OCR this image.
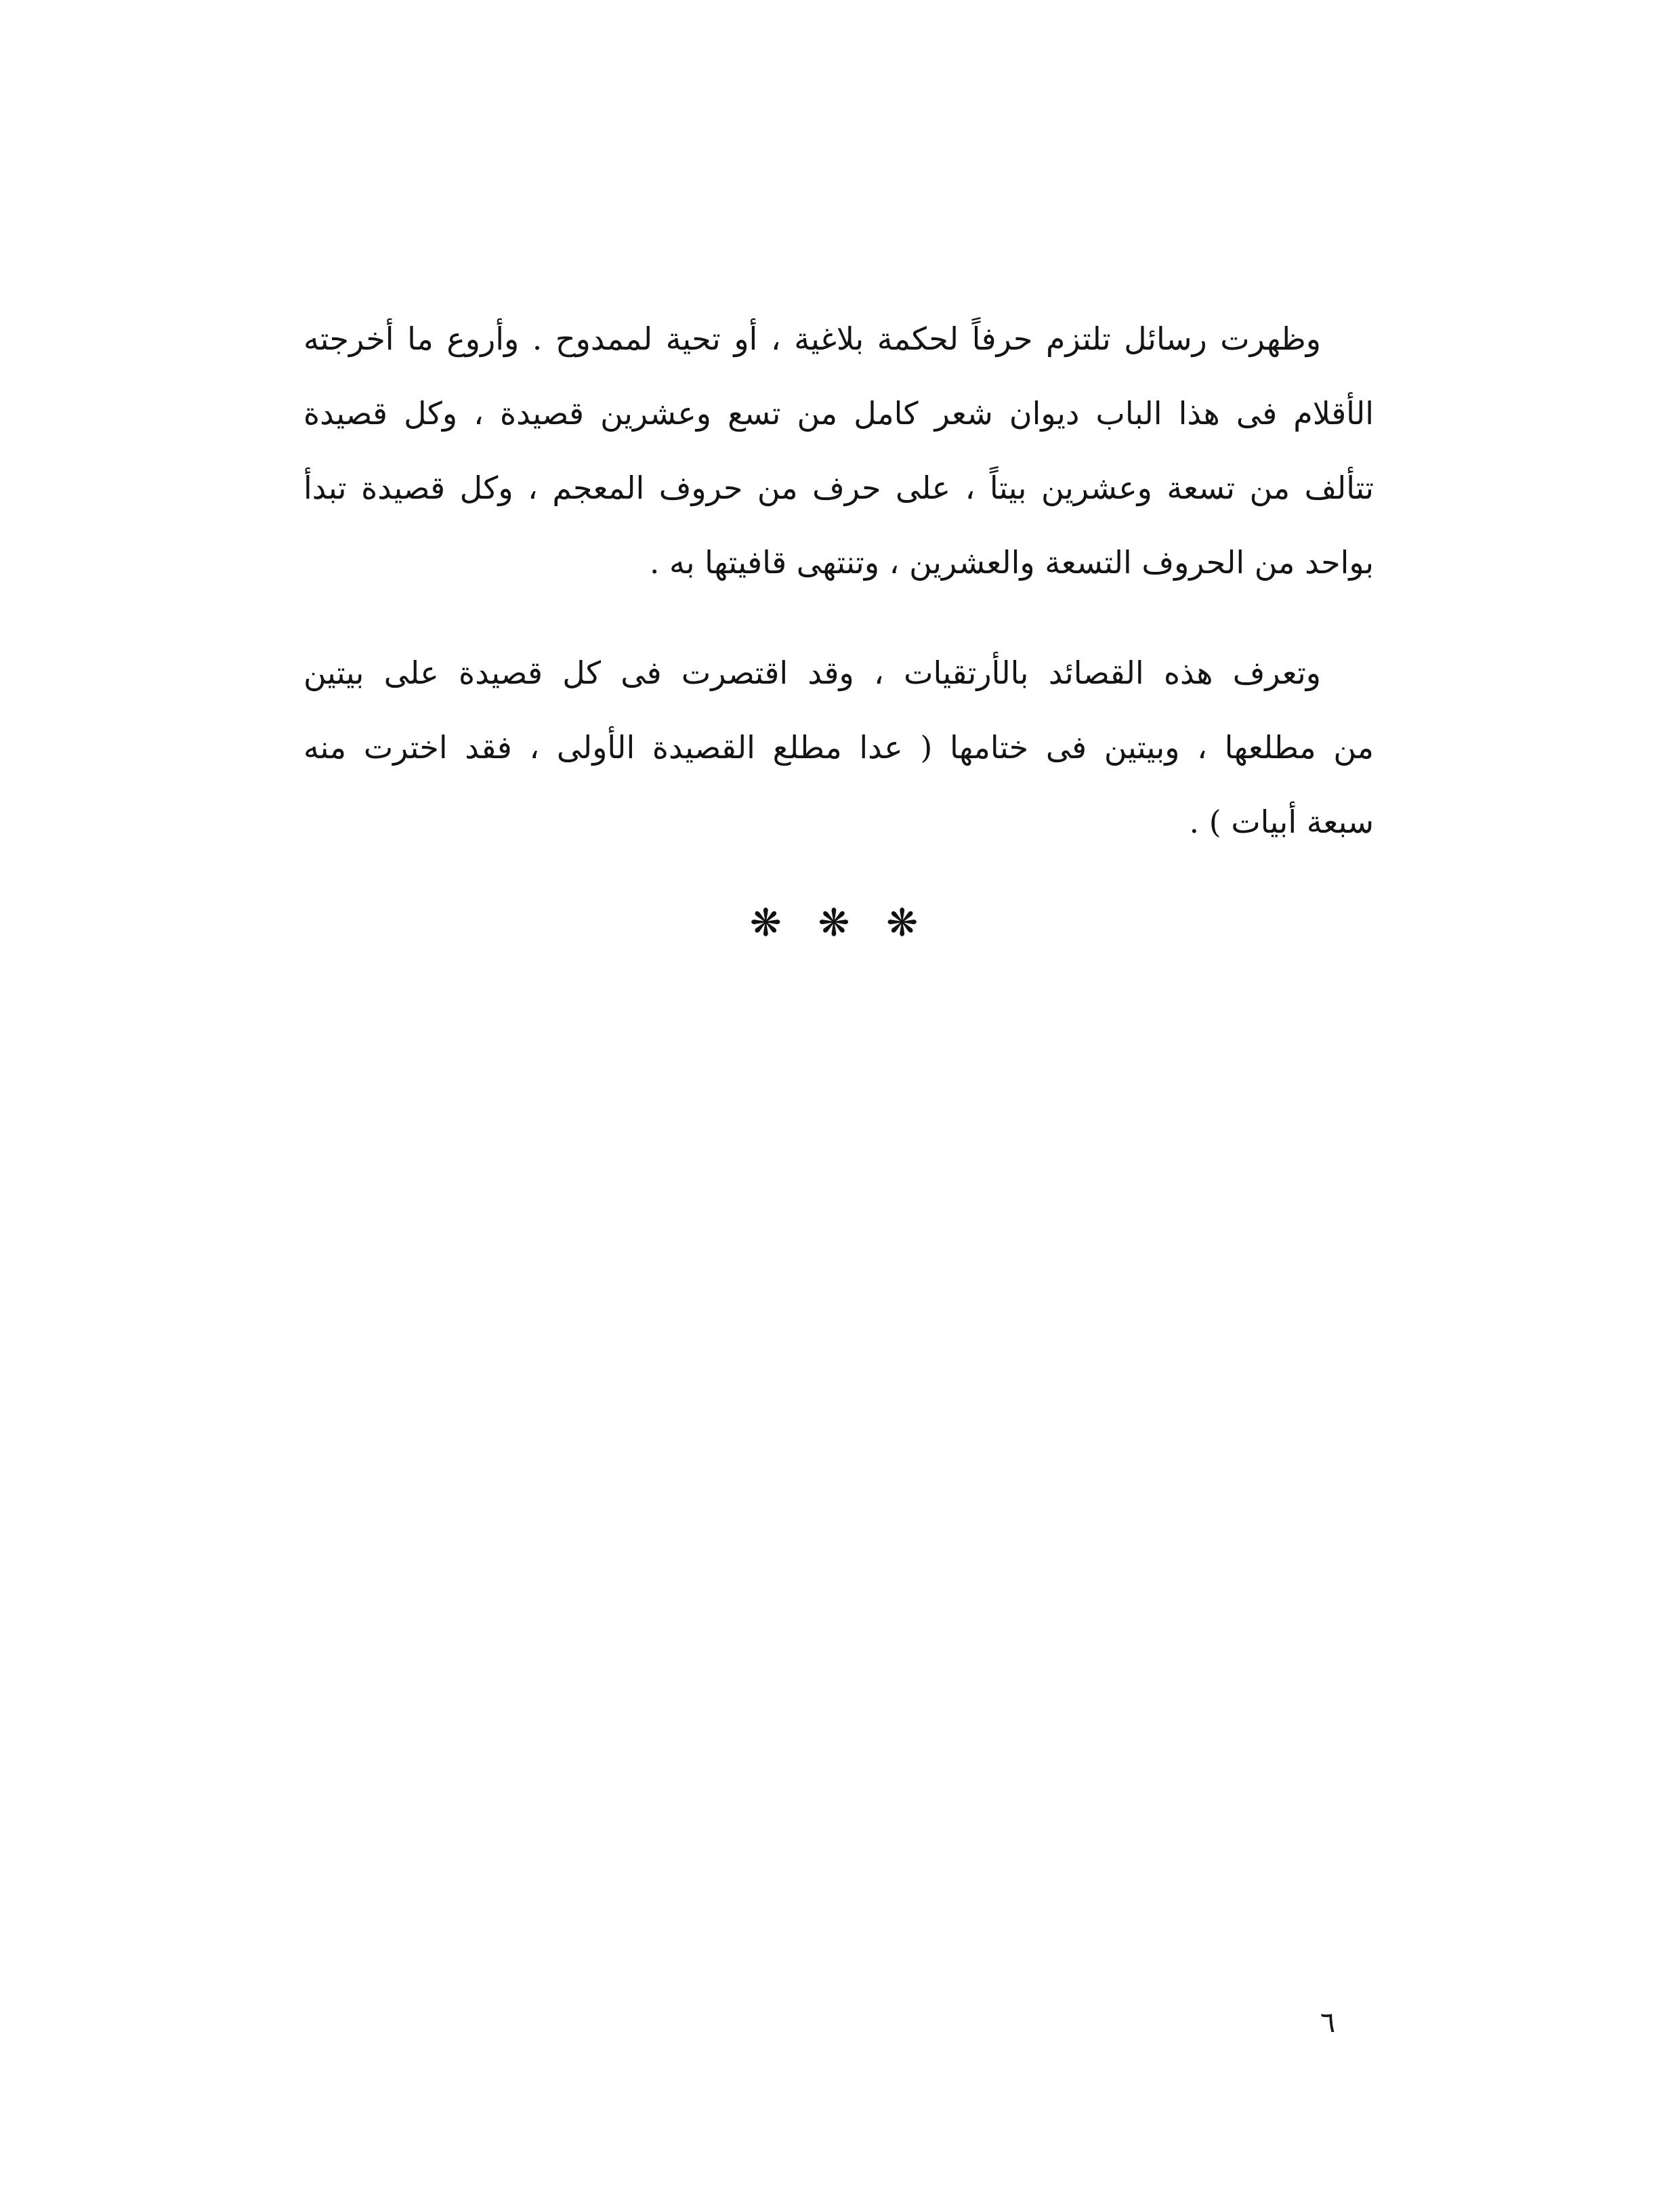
وظهرت رسائل تلتزم حرفاً لحكمة بلاغية ، أو تحية لممدوح . وأروع ما أخرجته
الأقلام فى هذا الباب ديوان شعر كامل من تسع وعشرين قصيدة ، وكل قصيدة
تتألف من تسعة وعشرين بيتاً ، على حرف من حروف المعجم ، وكل قصيدة تبدأ
بواحد من الحروف التسعة والعشرين ، وتنتهى قافيتها به .
وتعرف هذه القصائد بالأرتقيات ، وقد اقتصرت فى كل قصيدة على بيتين
من مطلعها ، وبيتين فى ختامها ( عدا مطلع القصيدة الأولى ، فقد اخترت منه
سبعة أبيات ) .
❋ ❋ ❋
٦
